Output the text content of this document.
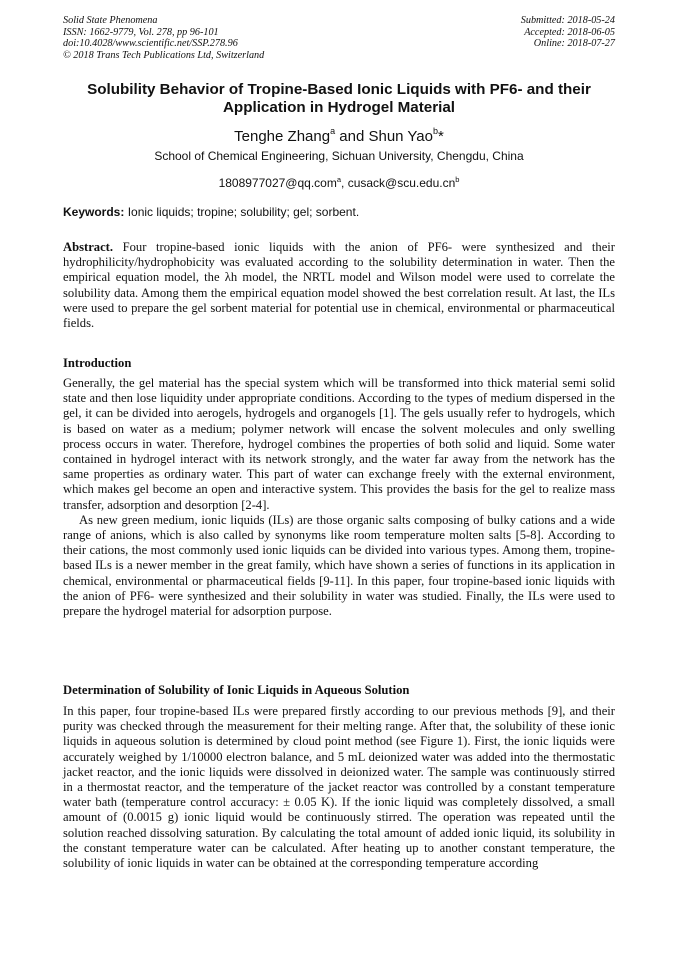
Solid State Phenomena
ISSN: 1662-9779, Vol. 278, pp 96-101
doi:10.4028/www.scientific.net/SSP.278.96
© 2018 Trans Tech Publications Ltd, Switzerland
Submitted: 2018-05-24
Accepted: 2018-06-05
Online: 2018-07-27
Solubility Behavior of Tropine-Based Ionic Liquids with PF6- and their
Application in Hydrogel Material
Tenghe Zhang$^a$ and Shun Yao$^b$*
School of Chemical Engineering, Sichuan University, Chengdu, China
1808977027@qq.com$^a$, $cusack@scu.edu.cn^b$
Keywords: Ionic liquids; tropine; solubility; gel; sorbent.

Abstract. Four tropine-based ionic liquids with the anion of PF6- were synthesized and their hydrophilicity/hydrophobicity was evaluated according to the solubility determination in water. Then the empirical equation model, the λh model, the NRTL model and Wilson model were used to correlate the solubility data. Among them the empirical equation model showed the best correlation result. At last, the ILs were used to prepare the gel sorbent material for potential use in chemical, environmental or pharmaceutical fields.

Introduction

Generally, the gel material has the special system which will be transformed into thick material semi solid state and then lose liquidity under appropriate conditions. According to the types of medium dispersed in the gel, it can be divided into aerogels, hydrogels and organogels [1]. The gels usually refer to hydrogels, which is based on water as a medium; polymer network will encase the solvent molecules and only swelling process occurs in water. Therefore, hydrogel combines the properties of both solid and liquid. Some water contained in hydrogel interact with its network strongly, and the water far away from the network has the same properties as ordinary water. This part of water can exchange freely with the external environment, which makes gel become an open and interactive system. This provides the basis for the gel to realize mass transfer, adsorption and desorption [2-4].

As new green medium, ionic liquids (ILs) are those organic salts composing of bulky cations and a wide range of anions, which is also called by synonyms like room temperature molten salts [5-8]. According to their cations, the most commonly used ionic liquids can be divided into various types. Among them, tropine-based ILs is a newer member in the great family, which have shown a series of functions in its application in chemical, environmental or pharmaceutical fields [9-11]. In this paper, four tropine-based ionic liquids with the anion of PF6- were synthesized and their solubility in water was studied. Finally, the ILs were used to prepare the hydrogel material for adsorption purpose.

Determination of Solubility of Ionic Liquids in Aqueous Solution

In this paper, four tropine-based ILs were prepared firstly according to our previous methods [9], and their purity was checked through the measurement for their melting range. After that, the solubility of these ionic liquids in aqueous solution is determined by cloud point method (see Figure 1). First, the ionic liquids were accurately weighed by 1/10000 electron balance, and 5 mL deionized water was added into the thermostatic jacket reactor, and the ionic liquids were dissolved in deionized water. The sample was continuously stirred in a thermostat reactor, and the temperature of the jacket reactor was controlled by a constant temperature water bath (temperature control accuracy: ± 0.05 K). If the ionic liquid was completely dissolved, a small amount of (0.0015 g) ionic liquid would be continuously stirred. The operation was repeated until the solution reached dissolving saturation. By calculating the total amount of added ionic liquid, its solubility in the constant temperature water can be calculated. After heating up to another constant temperature, the solubility of ionic liquids in water can be obtained at the corresponding temperature according
